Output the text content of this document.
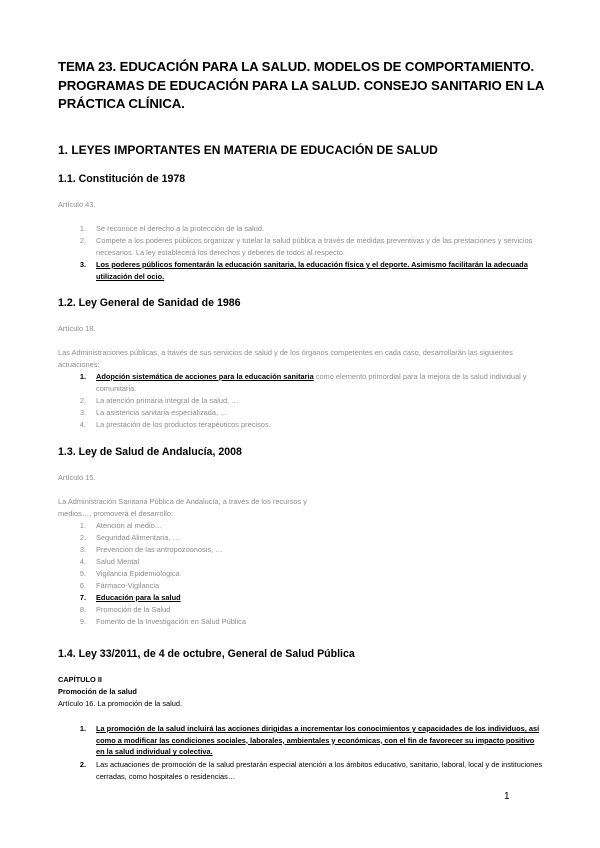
TEMA 23. EDUCACIÓN PARA LA SALUD. MODELOS DE COMPORTAMIENTO. PROGRAMAS DE EDUCACIÓN PARA LA SALUD. CONSEJO SANITARIO EN LA PRÁCTICA CLÍNICA.
1. LEYES IMPORTANTES EN MATERIA DE EDUCACIÓN DE SALUD
1.1. Constitución de 1978
Artículo 43.
1.	Se reconoce el derecho a la protección de la salud.
2.	Compete a los poderes públicos organizar y tutelar la salud pública a través de medidas preventivas y de las prestaciones y servicios necesarios. La ley establecerá los derechos y deberes de todos al respecto.
3.	Los poderes públicos fomentarán la educación sanitaria, la educación física y el deporte. Asimismo facilitarán la adecuada utilización del ocio.
1.2. Ley General de Sanidad de 1986
Artículo 18.
Las Administraciones públicas, a través de sus servicios de salud y de los órganos competentes en cada caso, desarrollarán las siguientes actuaciones:
1.	Adopción sistemática de acciones para la educación sanitaria como elemento primordial para la mejora de la salud individual y comunitaria.
2.	La atención primaria integral de la salud, …
3.	La asistencia sanitaria especializada, …
4.	La prestación de los productos terapéuticos precisos.
1.3. Ley de Salud de Andalucía, 2008
Artículo 15.
La Administración Sanitaria Pública de Andalucía, a través de los recursos y medios…, promoverá el desarrollo:
1.	Atención al medio…
2.	Seguridad Alimentaria, …
3.	Prevención de las antropozoonosis, …
4.	Salud Mental
5.	Vigilancia Epidemiológica
6.	Fármaco-Vigilancia
7.	Educación para la salud
8.	Promoción de la Salud
9.	Fomento de la Investigación en Salud Pública
1.4. Ley 33/2011, de 4 de octubre, General de Salud Pública
CAPÍTULO II
Promoción de la salud
Artículo 16. La promoción de la salud.
1.	La promoción de la salud incluirá las acciones dirigidas a incrementar los conocimientos y capacidades de los individuos, así como a modificar las condiciones sociales, laborales, ambientales y económicas, con el fin de favorecer su impacto positivo en la salud individual y colectiva.
2.	Las actuaciones de promoción de la salud prestarán especial atención a los ámbitos educativo, sanitario, laboral, local y de instituciones cerradas, como hospitales o residencias…
1
